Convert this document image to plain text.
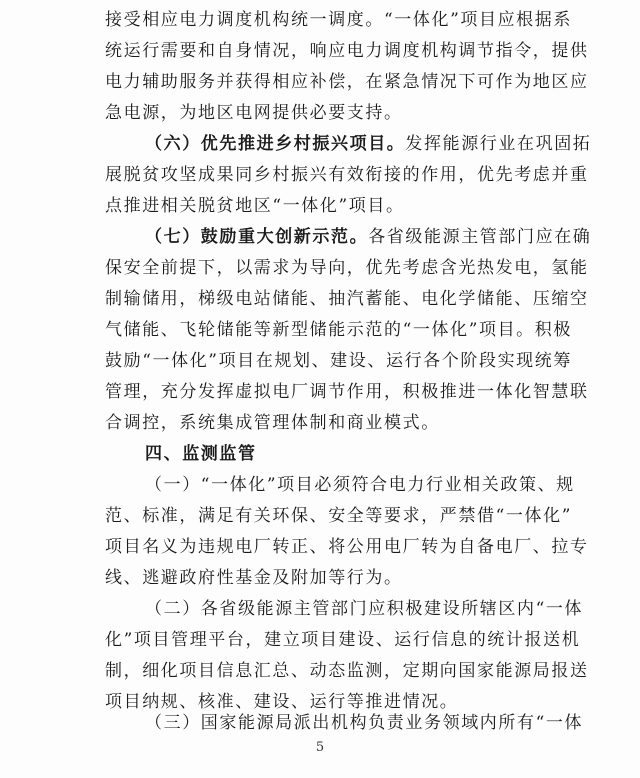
接受相应电力调度机构统一调度。“一体化”项目应根据系
统运行需要和自身情况，响应电力调度机构调节指令，提供
电力辅助服务并获得相应补偿，在紧急情况下可作为地区应
急电源，为地区电网提供必要支持。
（六）优先推进乡村振兴项目。发挥能源行业在巩固拓
展脱贫攻坚成果同乡村振兴有效衔接的作用，优先考虑并重
点推进相关脱贫地区“一体化”项目。
（七）鼓励重大创新示范。各省级能源主管部门应在确
保安全前提下，以需求为导向，优先考虑含光热发电，氢能
制输储用，梯级电站储能、抽汽蓄能、电化学储能、压缩空
气储能、飞轮储能等新型储能示范的“一体化”项目。积极
鼓励“一体化”项目在规划、建设、运行各个阶段实现统筹
管理，充分发挥虚拟电厂调节作用，积极推进一体化智慧联
合调控，系统集成管理体制和商业模式。
四、监测监管
（一）“一体化”项目必须符合电力行业相关政策、规
范、标准，满足有关环保、安全等要求，严禁借“一体化”
项目名义为违规电厂转正、将公用电厂转为自备电厂、拉专
线、逃避政府性基金及附加等行为。
（二）各省级能源主管部门应积极建设所辖区内“一体
化”项目管理平台，建立项目建设、运行信息的统计报送机
制，细化项目信息汇总、动态监测，定期向国家能源局报送
项目纳规、核准、建设、运行等推进情况。
（三）国家能源局派出机构负责业务领域内所有“一体
5
